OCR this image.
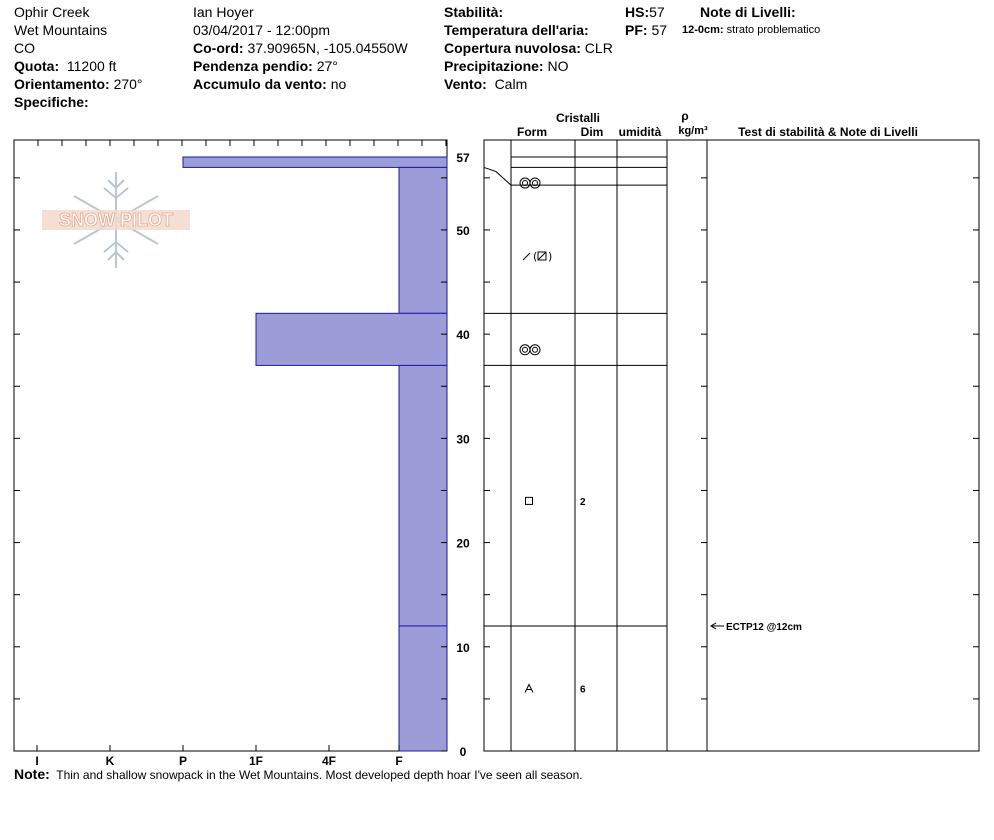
Ophir Creek
Wet Mountains
CO
Quota: 11200 ft
Orientamento: 270°
Specifiche:
Ian Hoyer
03/04/2017 - 12:00pm
Co-ord: 37.90965N, -105.04550W
Pendenza pendio: 27°
Accumulo da vento: no
Stabilità:
Temperatura dell'aria:
Copertura nuvolosa: CLR
Precipitazione: NO
Vento: Calm
HS:57
PF: 57
Note di Livelli:
12-0cm: strato problematico
I	K	P	1F	4F	F
0
10
20
30
40
50
57
( )
2
6
ECTP12 @12cm
Cristalli
Form	Dim umidità
ρ
kg/m³	Test di stabilità & Note di Livelli
SNOW PILOT
Note: Thin and shallow snowpack in the Wet Mountains. Most developed depth hoar I've seen all season.
